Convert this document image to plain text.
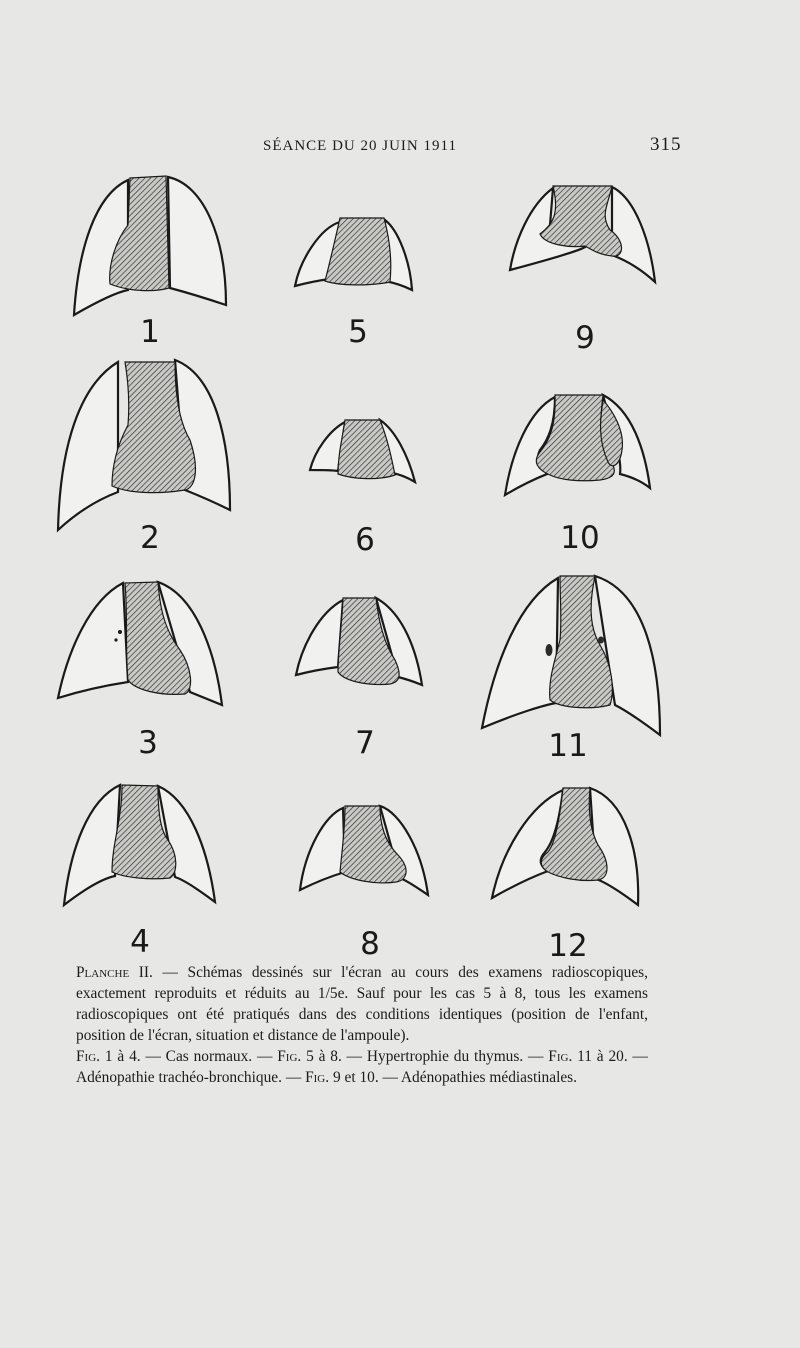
SÉANCE DU 20 JUIN 1911	315
1	5	9
2	6	10
3	7	11
4	8	12

Planche II. — Schémas dessinés sur l'écran au cours des examens radioscopiques, exactement reproduits et réduits au 1/5e. Sauf pour les cas 5 à 8, tous les examens radioscopiques ont été pratiqués dans des conditions identiques (position de l'enfant, position de l'écran, situation et distance de l'ampoule).

Fig. 1 à 4. — Cas normaux. — Fig. 5 à 8. — Hypertrophie du thymus. — Fig. 11 à 20. — Adénopathie trachéo-bronchique. — Fig. 9 et 10. — Adénopathies médiastinales.
